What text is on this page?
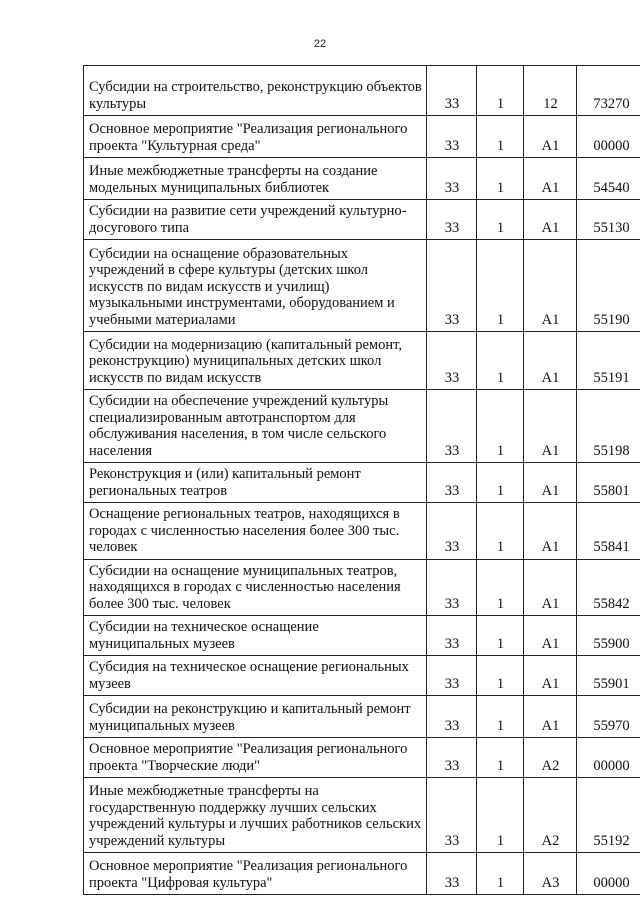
22
Субсидии на строительство, реконструкцию объектов культуры	33	1	12	73270
Основное мероприятие "Реализация регионального проекта "Культурная среда"	33	1	А1	00000
Иные межбюджетные трансферты на создание модельных муниципальных библиотек	33	1	А1	54540
Субсидии на развитие сети учреждений культурно-досугового типа	33	1	А1	55130
Субсидии на оснащение образовательных учреждений в сфере культуры (детских школ искусств по видам искусств и училищ) музыкальными инструментами, оборудованием и учебными материалами	33	1	А1	55190
Субсидии на модернизацию (капитальный ремонт, реконструкцию) муниципальных детских школ искусств по видам искусств	33	1	А1	55191
Субсидии на обеспечение учреждений культуры специализированным автотранспортом для обслуживания населения, в том числе сельского населения	33	1	А1	55198
Реконструкция и (или) капитальный ремонт региональных театров	33	1	А1	55801
Оснащение региональных театров, находящихся в городах с численностью населения более 300 тыс. человек	33	1	А1	55841
Субсидии на оснащение муниципальных театров, находящихся в городах с численностью населения более 300 тыс. человек	33	1	А1	55842
Субсидии на техническое оснащение муниципальных музеев	33	1	А1	55900
Субсидия на техническое оснащение региональных музеев	33	1	А1	55901
Субсидии на реконструкцию и капитальный ремонт муниципальных музеев	33	1	А1	55970
Основное мероприятие "Реализация регионального проекта "Творческие люди"	33	1	А2	00000
Иные межбюджетные трансферты на государственную поддержку лучших сельских учреждений культуры и лучших работников сельских учреждений культуры	33	1	А2	55192
Основное мероприятие "Реализация регионального проекта "Цифровая культура"	33	1	А3	00000
